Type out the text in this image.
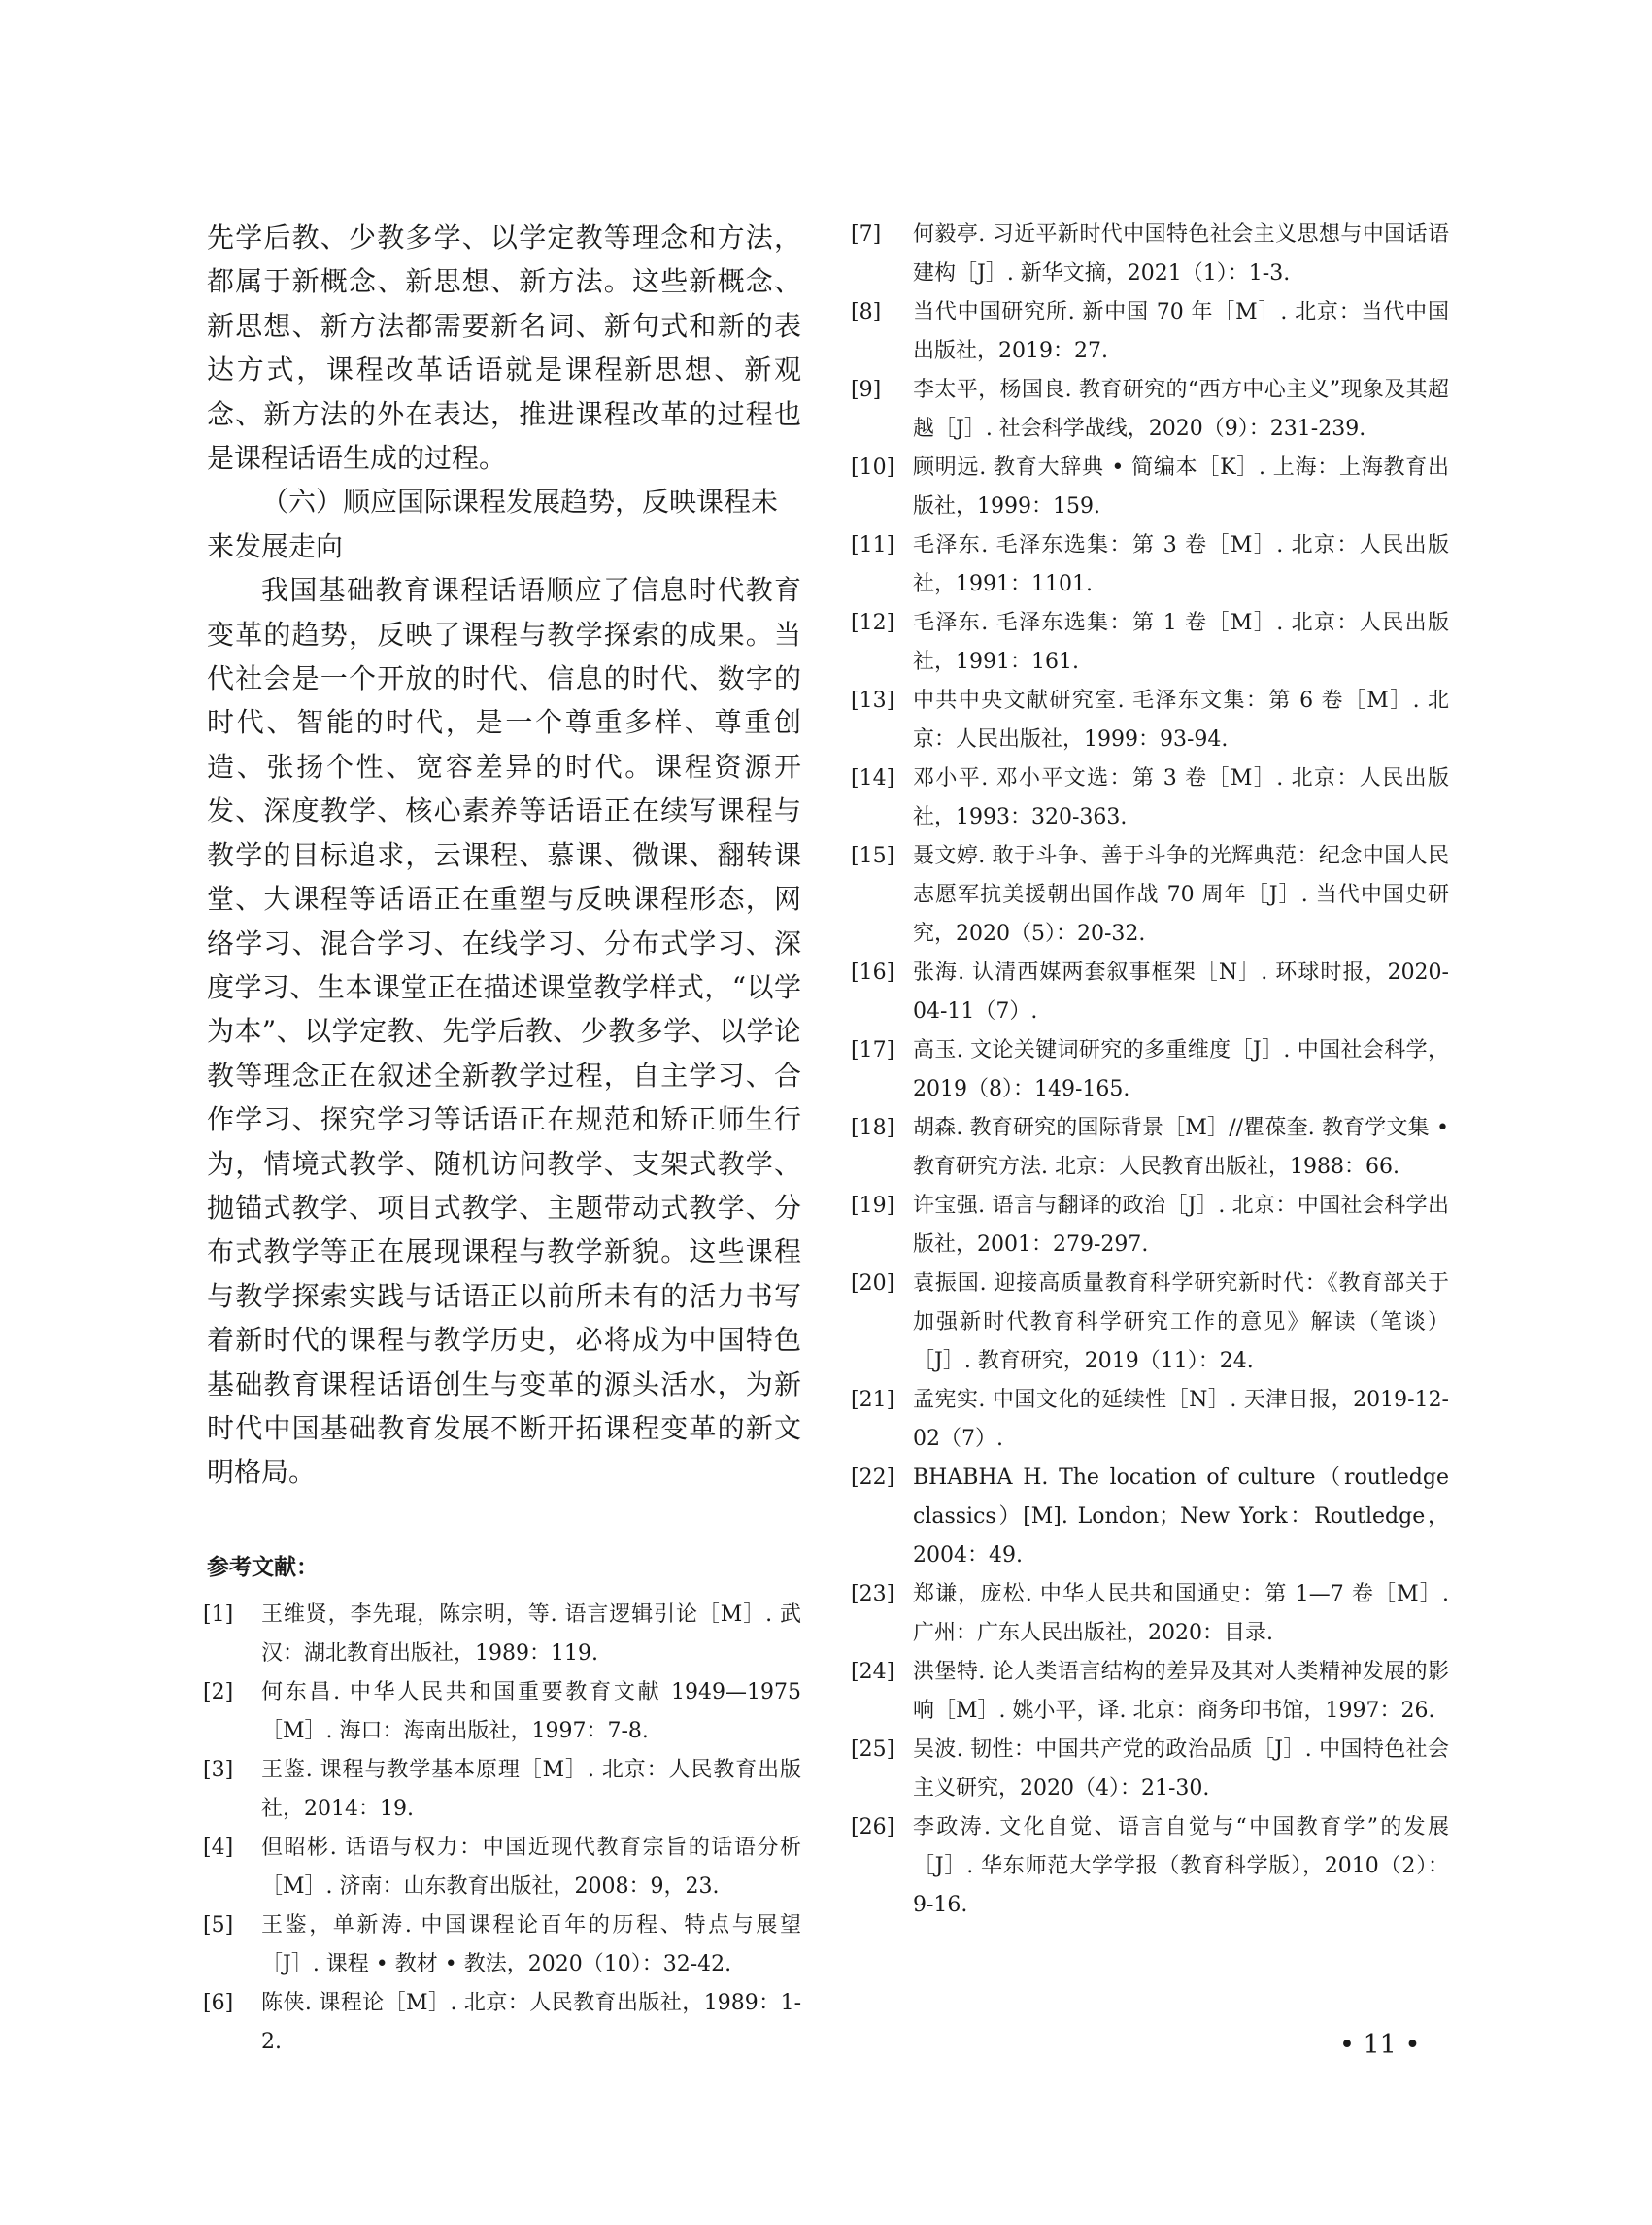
先学后教、少教多学、以学定教等理念和方法，都属于新概念、新思想、新方法。这些新概念、新思想、新方法都需要新名词、新句式和新的表达方式，课程改革话语就是课程新思想、新观念、新方法的外在表达，推进课程改革的过程也是课程话语生成的过程。

（六）顺应国际课程发展趋势，反映课程未来发展走向

我国基础教育课程话语顺应了信息时代教育变革的趋势，反映了课程与教学探索的成果。当代社会是一个开放的时代、信息的时代、数字的时代、智能的时代，是一个尊重多样、尊重创造、张扬个性、宽容差异的时代。课程资源开发、深度教学、核心素养等话语正在续写课程与教学的目标追求，云课程、慕课、微课、翻转课堂、大课程等话语正在重塑与反映课程形态，网络学习、混合学习、在线学习、分布式学习、深度学习、生本课堂正在描述课堂教学样式，“以学为本”、以学定教、先学后教、少教多学、以学论教等理念正在叙述全新教学过程，自主学习、合作学习、探究学习等话语正在规范和矫正师生行为，情境式教学、随机访问教学、支架式教学、抛锚式教学、项目式教学、主题带动式教学、分布式教学等正在展现课程与教学新貌。这些课程与教学探索实践与话语正以前所未有的活力书写着新时代的课程与教学历史，必将成为中国特色基础教育课程话语创生与变革的源头活水，为新时代中国基础教育发展不断开拓课程变革的新文明格局。

参考文献：
[1]	王维贤，李先琨，陈宗明，等. 语言逻辑引论［M］. 武汉：湖北教育出版社，1989：119.
[2]	何东昌. 中华人民共和国重要教育文献 1949—1975［M］. 海口：海南出版社，1997：7-8.
[3]	王鉴. 课程与教学基本原理［M］. 北京：人民教育出版社，2014：19.
[4]	但昭彬. 话语与权力：中国近现代教育宗旨的话语分析［M］. 济南：山东教育出版社，2008：9，23.
[5]	王鉴，单新涛. 中国课程论百年的历程、特点与展望［J］. 课程 • 教材 • 教法，2020（10）：32-42.
[6]	陈侠. 课程论［M］. 北京：人民教育出版社，1989：1-2.
[7]	何毅亭. 习近平新时代中国特色社会主义思想与中国话语建构［J］. 新华文摘，2021（1）：1-3.
[8]	当代中国研究所. 新中国 70 年［M］. 北京：当代中国出版社，2019：27.
[9]	李太平，杨国良. 教育研究的“西方中心主义”现象及其超越［J］. 社会科学战线，2020（9）：231-239.
[10] 顾明远. 教育大辞典 • 简编本［K］. 上海：上海教育出版社，1999：159.
[11] 毛泽东. 毛泽东选集：第 3 卷［M］. 北京：人民出版社，1991：1101.
[12] 毛泽东. 毛泽东选集：第 1 卷［M］. 北京：人民出版社，1991：161.
[13] 中共中央文献研究室. 毛泽东文集：第 6 卷［M］. 北京：人民出版社，1999：93-94.
[14] 邓小平. 邓小平文选：第 3 卷［M］. 北京：人民出版社，1993：320-363.
[15] 聂文婷. 敢于斗争、善于斗争的光辉典范：纪念中国人民志愿军抗美援朝出国作战 70 周年［J］. 当代中国史研究，2020（5）：20-32.
[16] 张海. 认清西媒两套叙事框架［N］. 环球时报，2020-04-11（7）.
[17] 高玉. 文论关键词研究的多重维度［J］. 中国社会科学，2019（8）：149-165.
[18] 胡森. 教育研究的国际背景［M］//瞿葆奎. 教育学文集 • 教育研究方法. 北京：人民教育出版社，1988：66.
[19] 许宝强. 语言与翻译的政治［J］. 北京：中国社会科学出版社，2001：279-297.
[20] 袁振国. 迎接高质量教育科学研究新时代：《教育部关于加强新时代教育科学研究工作的意见》解读（笔谈）［J］. 教育研究，2019（11）：24.
[21] 孟宪实. 中国文化的延续性［N］. 天津日报，2019-12-02（7）.
[22] BHABHA H. The location of culture（routledge classics）[M]. London；New York：Routledge，2004：49.
[23] 郑谦，庞松. 中华人民共和国通史：第 1—7 卷［M］. 广州：广东人民出版社，2020：目录.
[24] 洪堡特. 论人类语言结构的差异及其对人类精神发展的影响［M］. 姚小平，译. 北京：商务印书馆，1997：26.
[25] 吴波. 韧性：中国共产党的政治品质［J］. 中国特色社会主义研究，2020（4）：21-30.
[26] 李政涛. 文化自觉、语言自觉与“中国教育学”的发展［J］. 华东师范大学学报（教育科学版），2010（2）：9-16.
• 11 •
